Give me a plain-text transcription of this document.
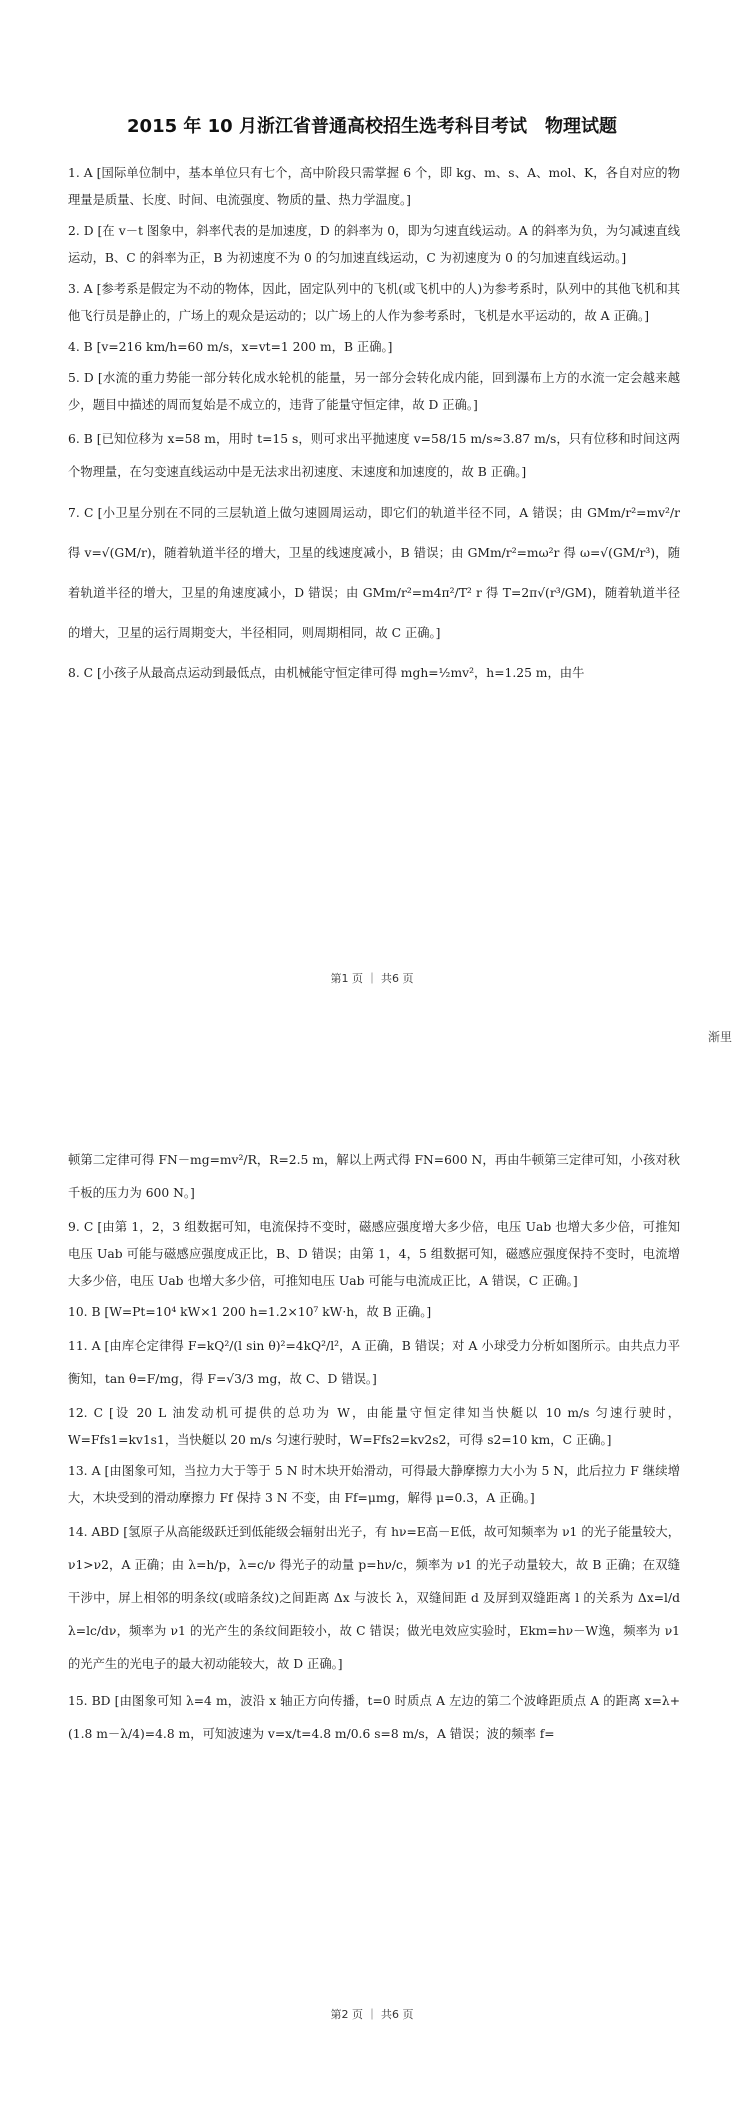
2015 年 10 月浙江省普通高校招生选考科目考试　物理试题

1. A [国际单位制中，基本单位只有七个，高中阶段只需掌握 6 个，即 kg、m、s、A、mol、K，各自对应的物理量是质量、长度、时间、电流强度、物质的量、热力学温度。]

2. D [在 v－t 图象中，斜率代表的是加速度，D 的斜率为 0，即为匀速直线运动。A 的斜率为负，为匀减速直线运动，B、C 的斜率为正，B 为初速度不为 0 的匀加速直线运动，C 为初速度为 0 的匀加速直线运动。]

3. A [参考系是假定为不动的物体，因此，固定队列中的飞机(或飞机中的人)为参考系时，队列中的其他飞机和其他飞行员是静止的，广场上的观众是运动的；以广场上的人作为参考系时，飞机是水平运动的，故 A 正确。]

4. B [v=216 km/h=60 m/s，x=vt=1 200 m，B 正确。]

5. D [水流的重力势能一部分转化成水轮机的能量，另一部分会转化成内能，回到瀑布上方的水流一定会越来越少，题目中描述的周而复始是不成立的，违背了能量守恒定律，故 D 正确。]

6. B [已知位移为 x=58 m，用时 t=15 s，则可求出平抛速度 v=58/15 m/s≈3.87 m/s，只有位移和时间这两个物理量，在匀变速直线运动中是无法求出初速度、末速度和加速度的，故 B 正确。]

7. C [小卫星分别在不同的三层轨道上做匀速圆周运动，即它们的轨道半径不同，A 错误；由 GMm/r²=mv²/r 得 v=√(GM/r)，随着轨道半径的增大，卫星的线速度减小，B 错误；由 GMm/r²=mω²r 得 ω=√(GM/r³)，随着轨道半径的增大，卫星的角速度减小，D 错误；由 GMm/r²=m4π²/T² r 得 T=2π√(r³/GM)，随着轨道半径的增大，卫星的运行周期变大，半径相同，则周期相同，故 C 正确。]

8. C [小孩子从最高点运动到最低点，由机械能守恒定律可得 mgh=½mv²，h=1.25 m，由牛

第1 页 ｜ 共6 页

顿第二定律可得 FN－mg=mv²/R，R=2.5 m，解以上两式得 FN=600 N，再由牛顿第三定律可知，小孩对秋千板的压力为 600 N。]

9. C [由第 1，2，3 组数据可知，电流保持不变时，磁感应强度增大多少倍，电压 Uab 也增大多少倍，可推知电压 Uab 可能与磁感应强度成正比，B、D 错误；由第 1，4，5 组数据可知，磁感应强度保持不变时，电流增大多少倍，电压 Uab 也增大多少倍，可推知电压 Uab 可能与电流成正比，A 错误，C 正确。]

10. B [W=Pt=10⁴ kW×1 200 h=1.2×10⁷ kW·h，故 B 正确。]

11. A [由库仑定律得 F=kQ²/(l sin θ)²=4kQ²/l²，A 正确，B 错误；对 A 小球受力分析如图所示。由共点力平衡知，tan θ=F/mg，得 F=√3/3 mg，故 C、D 错误。]

12. C [设 20 L 油发动机可提供的总功为 W，由能量守恒定律知当快艇以 10 m/s 匀速行驶时，W=Ffs1=kv1s1，当快艇以 20 m/s 匀速行驶时，W=Ffs2=kv2s2，可得 s2=10 km，C 正确。]

13. A [由图象可知，当拉力大于等于 5 N 时木块开始滑动，可得最大静摩擦力大小为 5 N，此后拉力 F 继续增大，木块受到的滑动摩擦力 Ff 保持 3 N 不变，由 Ff=μmg，解得 μ=0.3，A 正确。]

14. ABD [氢原子从高能级跃迁到低能级会辐射出光子，有 hν=E高－E低，故可知频率为 ν1 的光子能量较大，ν1>ν2，A 正确；由 λ=h/p，λ=c/ν 得光子的动量 p=hν/c，频率为 ν1 的光子动量较大，故 B 正确；在双缝干涉中，屏上相邻的明条纹(或暗条纹)之间距离 Δx 与波长 λ，双缝间距 d 及屏到双缝距离 l 的关系为 Δx=l/d λ=lc/dν，频率为 ν1 的光产生的条纹间距较小，故 C 错误；做光电效应实验时，Ekm=hν－W逸，频率为 ν1 的光产生的光电子的最大初动能较大，故 D 正确。]

15. BD [由图象可知 λ=4 m，波沿 x 轴正方向传播，t=0 时质点 A 左边的第二个波峰距质点 A 的距离 x=λ+(1.8 m－λ/4)=4.8 m，可知波速为 v=x/t=4.8 m/0.6 s=8 m/s，A 错误；波的频率 f=

第2 页 ｜ 共6 页
渐里
